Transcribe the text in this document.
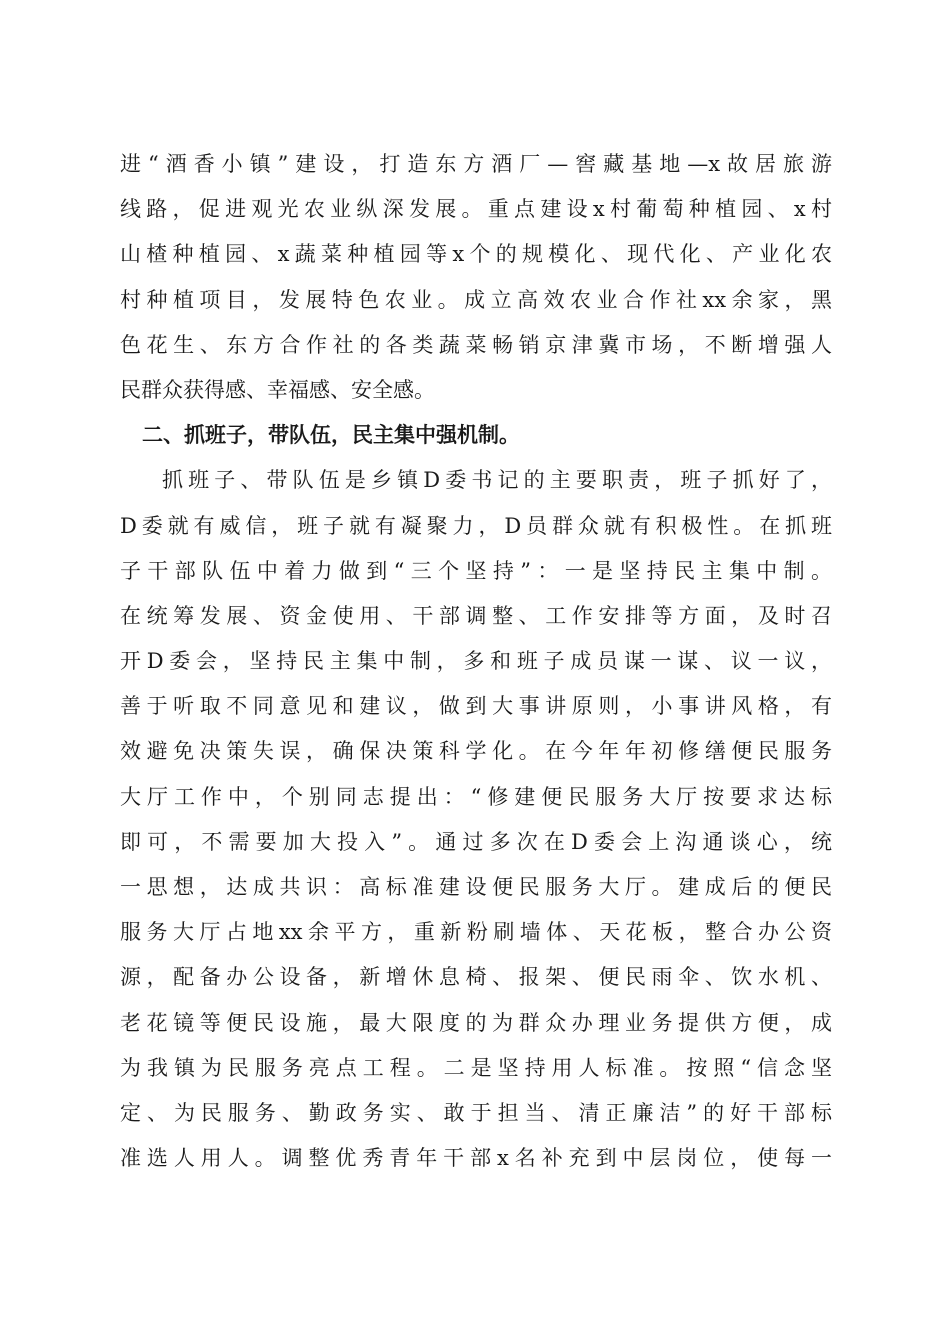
进“酒香小镇”建设，打造东方酒厂—窖藏基地—x故居旅游
线路，促进观光农业纵深发展。重点建设x村葡萄种植园、x村
山楂种植园、x蔬菜种植园等x个的规模化、现代化、产业化农
村种植项目，发展特色农业。成立高效农业合作社xx余家，黑
色花生、东方合作社的各类蔬菜畅销京津冀市场，不断增强人
民群众获得感、幸福感、安全感。
二、抓班子，带队伍，民主集中强机制。
抓班子、带队伍是乡镇D委书记的主要职责，班子抓好了，
D委就有威信，班子就有凝聚力，D员群众就有积极性。在抓班
子干部队伍中着力做到“三个坚持”：一是坚持民主集中制。
在统筹发展、资金使用、干部调整、工作安排等方面，及时召
开D委会，坚持民主集中制，多和班子成员谋一谋、议一议，
善于听取不同意见和建议，做到大事讲原则，小事讲风格，有
效避免决策失误，确保决策科学化。在今年年初修缮便民服务
大厅工作中，个别同志提出：“修建便民服务大厅按要求达标
即可，不需要加大投入”。通过多次在D委会上沟通谈心，统
一思想，达成共识：高标准建设便民服务大厅。建成后的便民
服务大厅占地xx余平方，重新粉刷墙体、天花板，整合办公资
源，配备办公设备，新增休息椅、报架、便民雨伞、饮水机、
老花镜等便民设施，最大限度的为群众办理业务提供方便，成
为我镇为民服务亮点工程。二是坚持用人标准。按照“信念坚
定、为民服务、勤政务实、敢于担当、清正廉洁”的好干部标
准选人用人。调整优秀青年干部x名补充到中层岗位，使每一
